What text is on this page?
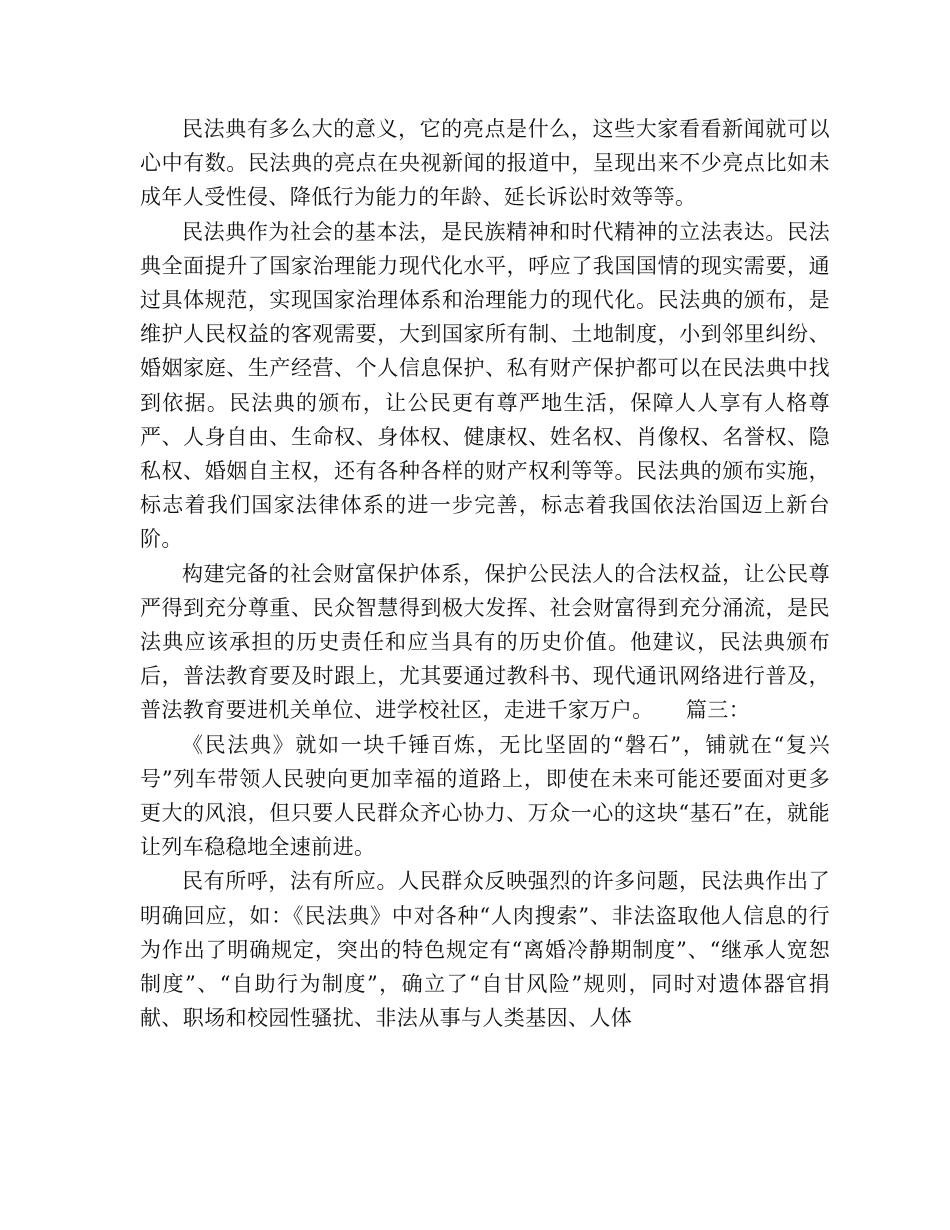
民法典有多么大的意义，它的亮点是什么，这些大家看看新闻就可以心中有数。民法典的亮点在央视新闻的报道中，呈现出来不少亮点比如未成年人受性侵、降低行为能力的年龄、延长诉讼时效等等。

民法典作为社会的基本法，是民族精神和时代精神的立法表达。民法典全面提升了国家治理能力现代化水平，呼应了我国国情的现实需要，通过具体规范，实现国家治理体系和治理能力的现代化。民法典的颁布，是维护人民权益的客观需要，大到国家所有制、土地制度，小到邻里纠纷、婚姻家庭、生产经营、个人信息保护、私有财产保护都可以在民法典中找到依据。民法典的颁布，让公民更有尊严地生活，保障人人享有人格尊严、人身自由、生命权、身体权、健康权、姓名权、肖像权、名誉权、隐私权、婚姻自主权，还有各种各样的财产权利等等。民法典的颁布实施，标志着我们国家法律体系的进一步完善，标志着我国依法治国迈上新台阶。

构建完备的社会财富保护体系，保护公民法人的合法权益，让公民尊严得到充分尊重、民众智慧得到极大发挥、社会财富得到充分涌流，是民法典应该承担的历史责任和应当具有的历史价值。他建议，民法典颁布后，普法教育要及时跟上，尤其要通过教科书、现代通讯网络进行普及，普法教育要进机关单位、进学校社区，走进千家万户。　　篇三：

《民法典》就如一块千锤百炼，无比坚固的“磐石”，铺就在“复兴号”列车带领人民驶向更加幸福的道路上，即使在未来可能还要面对更多更大的风浪，但只要人民群众齐心协力、万众一心的这块“基石”在，就能让列车稳稳地全速前进。

民有所呼，法有所应。人民群众反映强烈的许多问题，民法典作出了明确回应，如：《民法典》中对各种“人肉搜索”、非法盗取他人信息的行为作出了明确规定，突出的特色规定有“离婚冷静期制度”、“继承人宽恕制度”、“自助行为制度”，确立了“自甘风险”规则，同时对遗体器官捐献、职场和校园性骚扰、非法从事与人类基因、人体
